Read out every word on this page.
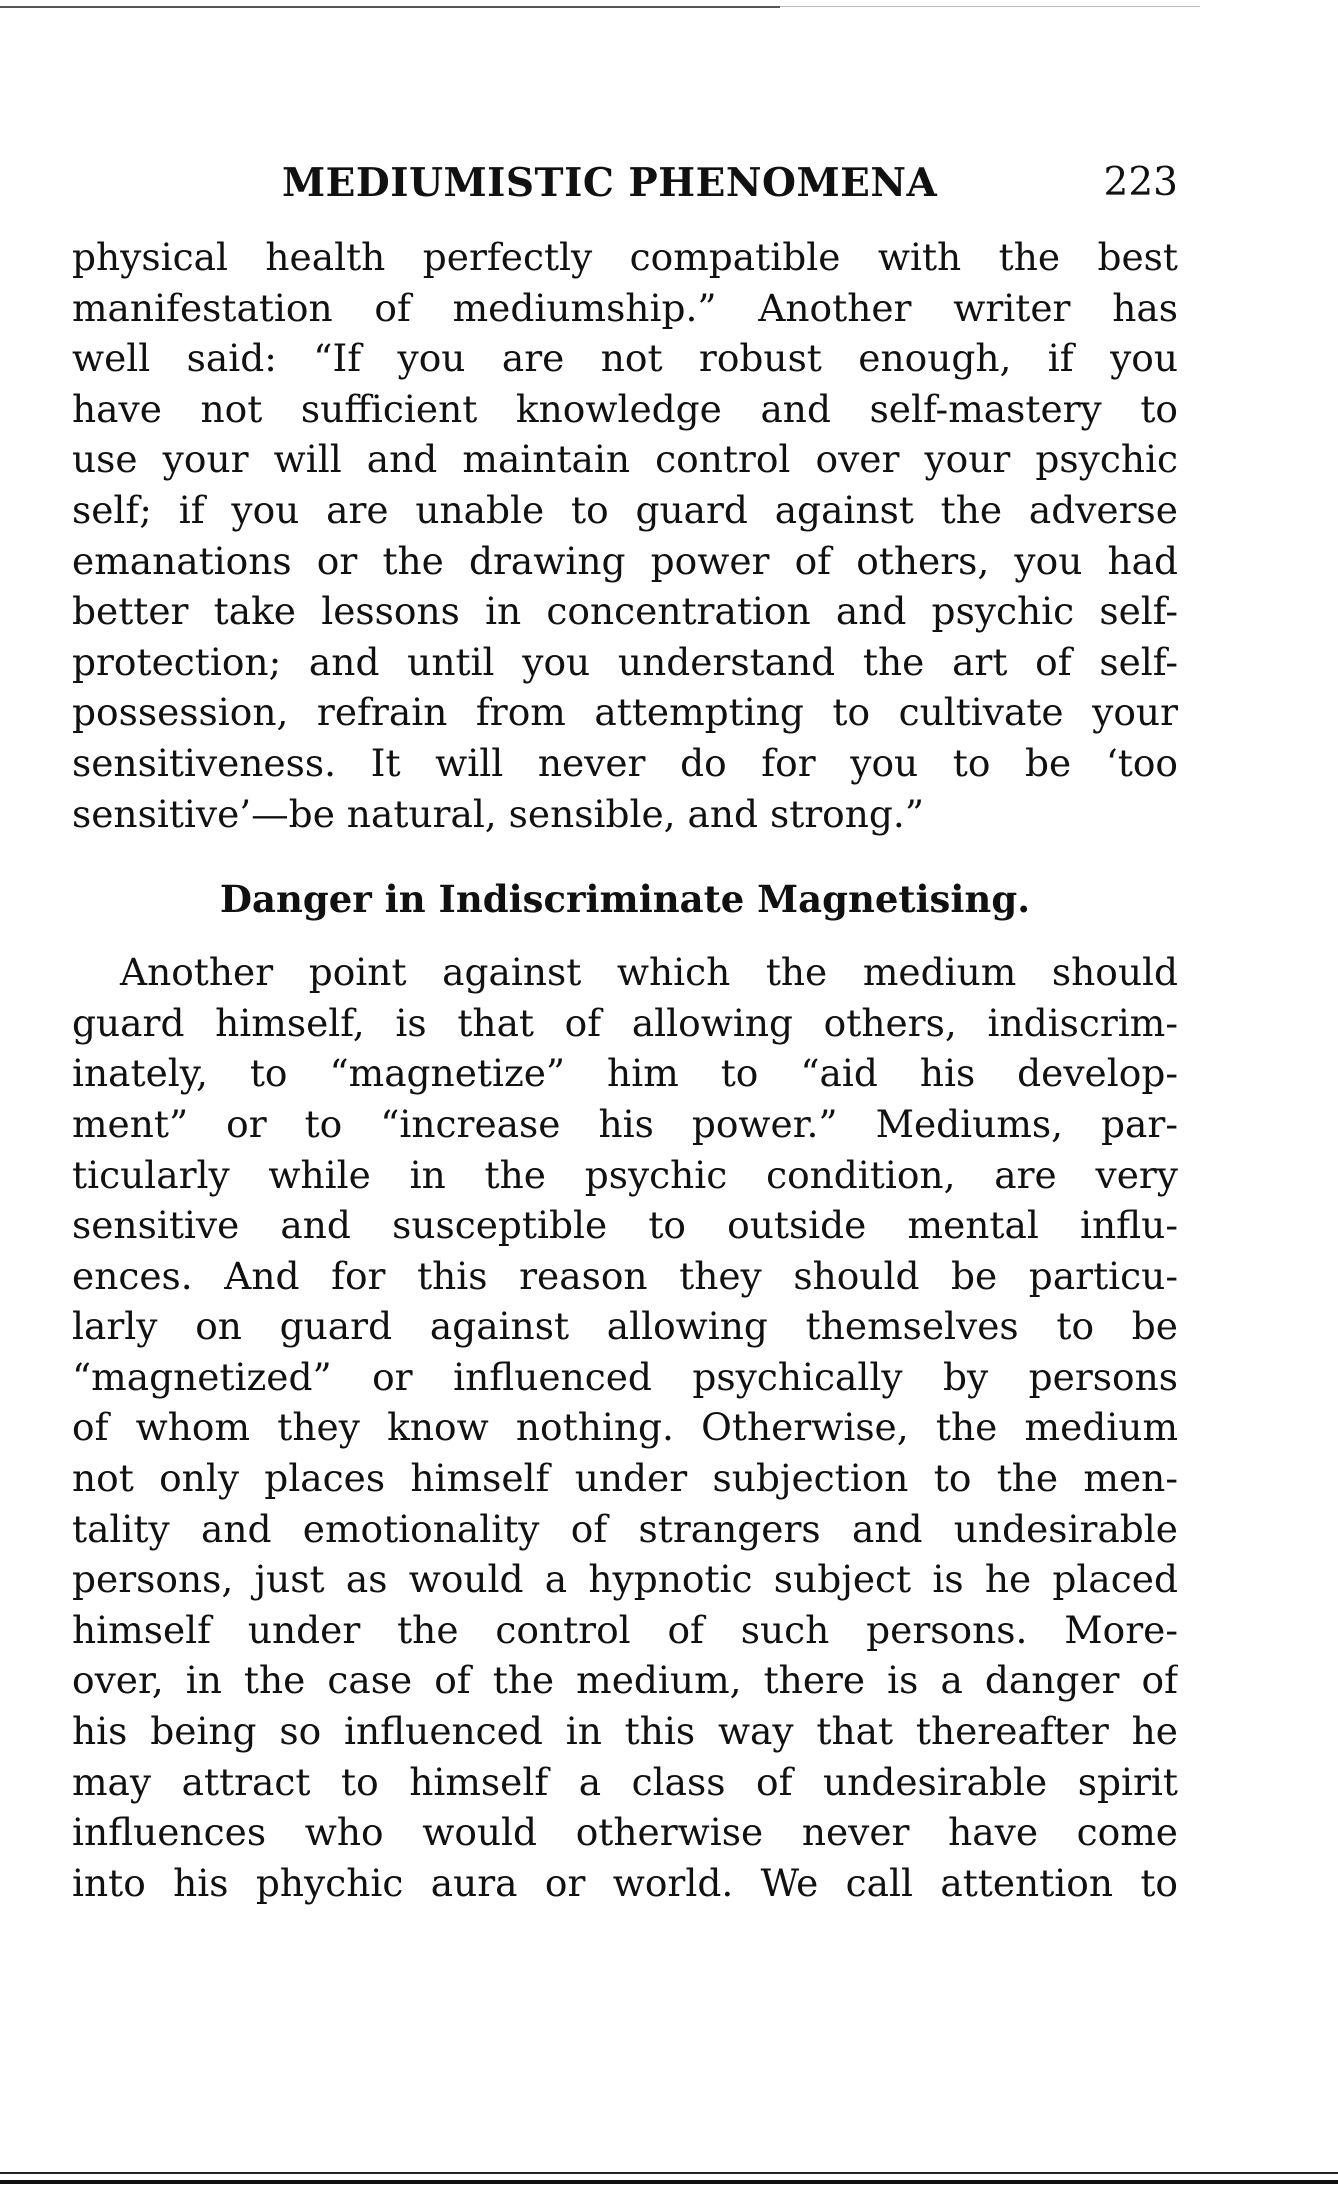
MEDIUMISTIC PHENOMENA	223
physical health perfectly compatible with the best
manifestation of mediumship.” Another writer has
well said: “If you are not robust enough, if you
have not sufficient knowledge and self-mastery to
use your will and maintain control over your psychic
self; if you are unable to guard against the adverse
emanations or the drawing power of others, you had
better take lessons in concentration and psychic self-
protection; and until you understand the art of self-
possession, refrain from attempting to cultivate your
sensitiveness. It will never do for you to be ‘too
sensitive’—be natural, sensible, and strong.”
Danger in Indiscriminate Magnetising.
Another point against which the medium should
guard himself, is that of allowing others, indiscrim-
inately, to “magnetize” him to “aid his develop-
ment” or to “increase his power.” Mediums, par-
ticularly while in the psychic condition, are very
sensitive and susceptible to outside mental influ-
ences. And for this reason they should be particu-
larly on guard against allowing themselves to be
“magnetized” or influenced psychically by persons
of whom they know nothing. Otherwise, the medium
not only places himself under subjection to the men-
tality and emotionality of strangers and undesirable
persons, just as would a hypnotic subject is he placed
himself under the control of such persons. More-
over, in the case of the medium, there is a danger of
his being so influenced in this way that thereafter he
may attract to himself a class of undesirable spirit
influences who would otherwise never have come
into his phychic aura or world. We call attention to
